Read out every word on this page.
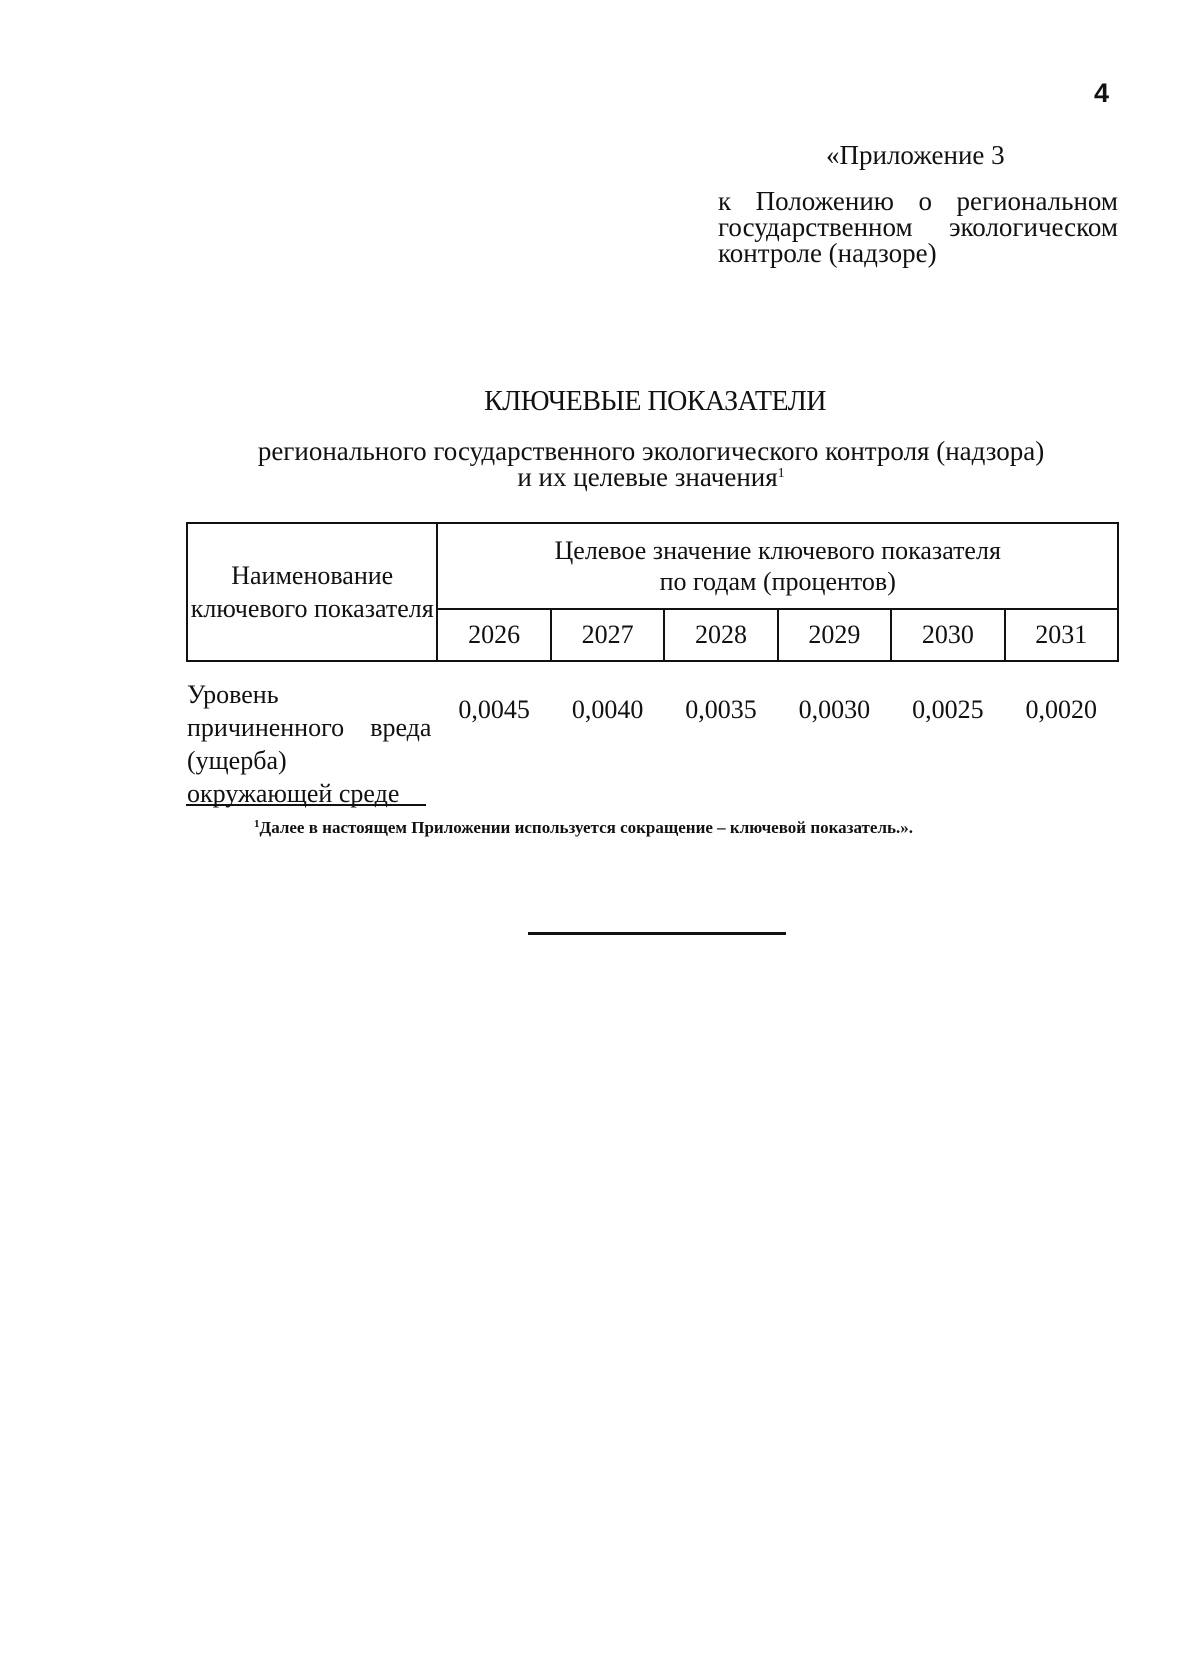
4
«Приложение 3
к Положению о региональном государственном экологическом контроле (надзоре)
КЛЮЧЕВЫЕ ПОКАЗАТЕЛИ
регионального государственного экологического контроля (надзора)
и их целевые значения$^1$
Наименование ключевого показателя	Целевое значение ключевого показателя по годам (процентов)					

	2026	2027	2028	2029	2030	2031
Уровень причиненного вреда (ущерба) окружающей среде	0,0045	0,0040	0,0035	0,0030	0,0025	0,0020
$^1$Далее в настоящем Приложении используется сокращение – ключевой показатель.».
